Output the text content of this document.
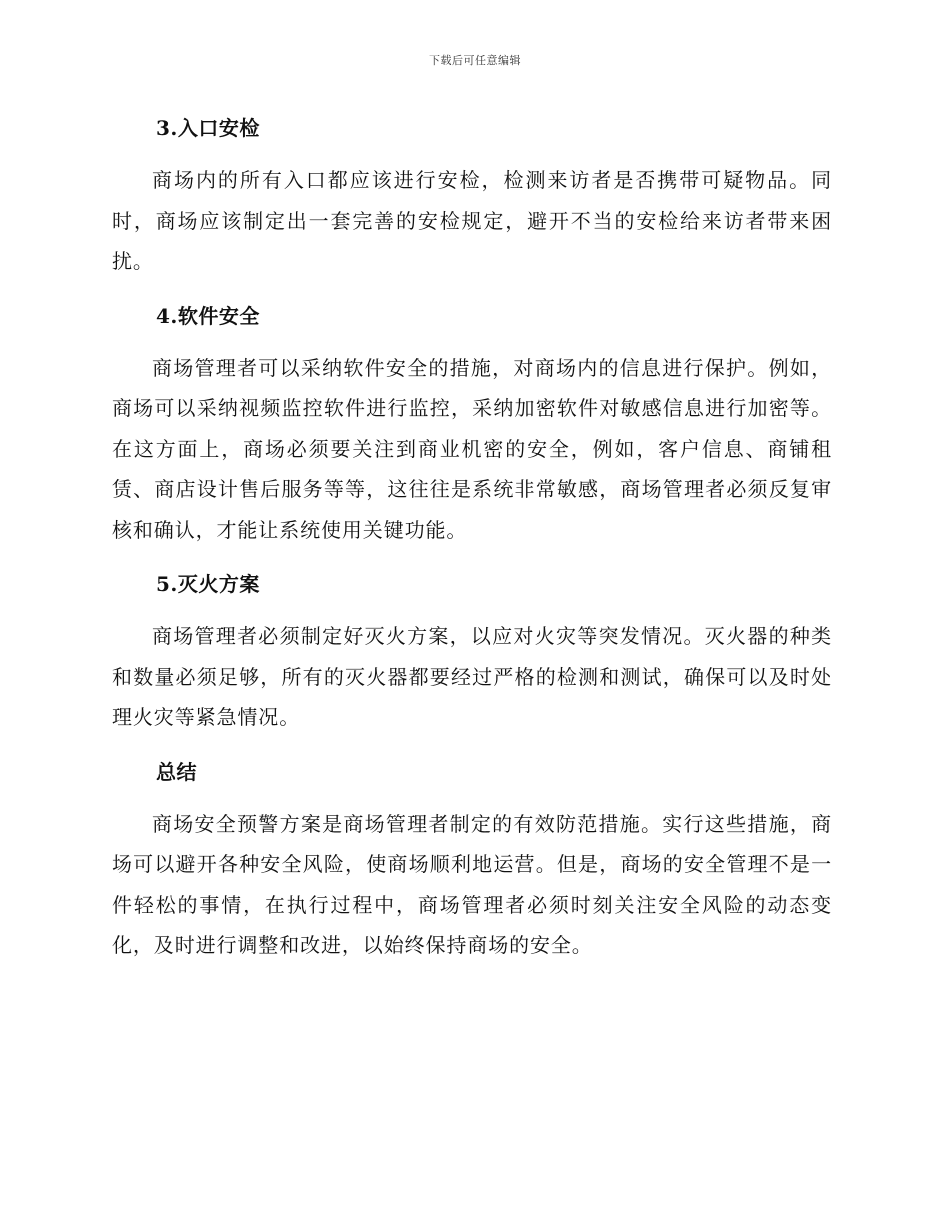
下载后可任意编辑
3.入口安检

商场内的所有入口都应该进行安检，检测来访者是否携带可疑物品。同时，商场应该制定出一套完善的安检规定，避开不当的安检给来访者带来困扰。

4.软件安全

商场管理者可以采纳软件安全的措施，对商场内的信息进行保护。例如，商场可以采纳视频监控软件进行监控，采纳加密软件对敏感信息进行加密等。在这方面上，商场必须要关注到商业机密的安全，例如，客户信息、商铺租赁、商店设计售后服务等等，这往往是系统非常敏感，商场管理者必须反复审核和确认，才能让系统使用关键功能。

5.灭火方案

商场管理者必须制定好灭火方案，以应对火灾等突发情况。灭火器的种类和数量必须足够，所有的灭火器都要经过严格的检测和测试，确保可以及时处理火灾等紧急情况。

总结

商场安全预警方案是商场管理者制定的有效防范措施。实行这些措施，商场可以避开各种安全风险，使商场顺利地运营。但是，商场的安全管理不是一件轻松的事情，在执行过程中，商场管理者必须时刻关注安全风险的动态变化，及时进行调整和改进，以始终保持商场的安全。
